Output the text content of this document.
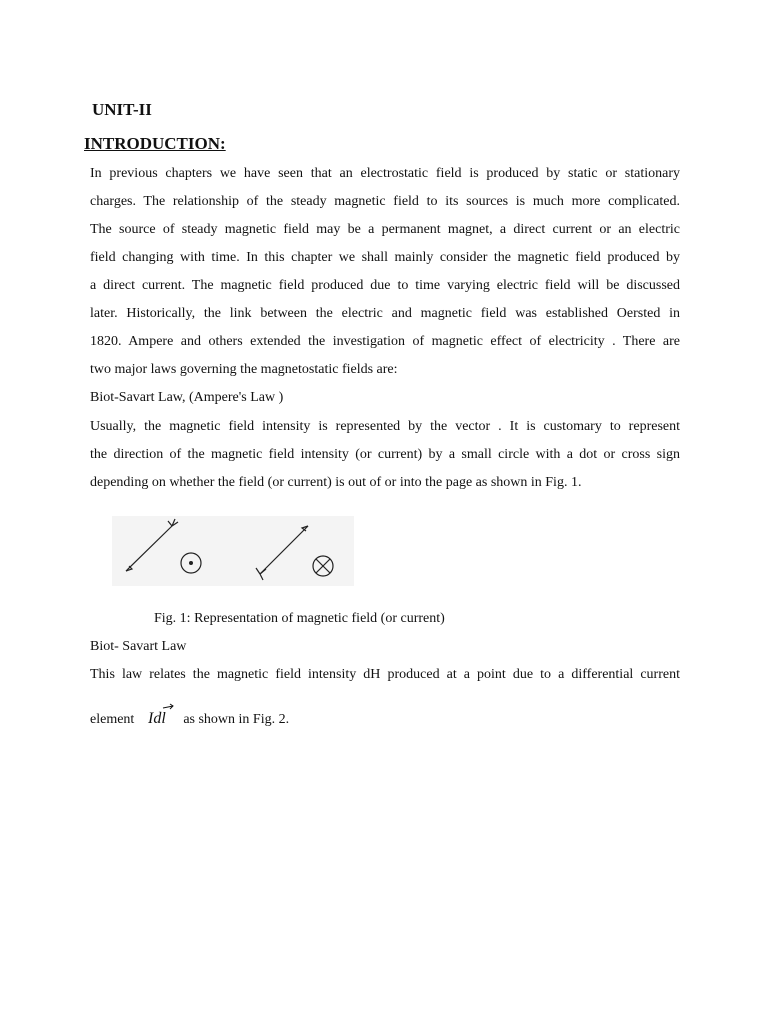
UNIT-II
INTRODUCTION:

In previous chapters we have seen that an electrostatic field is produced by static or stationary

charges. The relationship of the steady magnetic field to its sources is much more complicated.

The source of steady magnetic field may be a permanent magnet, a direct current or an electric

field changing with time. In this chapter we shall mainly consider the magnetic field produced by

a direct current. The magnetic field produced due to time varying electric field will be discussed

later. Historically, the link between the electric and magnetic field was established Oersted in

1820. Ampere and others extended the investigation of magnetic effect of electricity . There are

two major laws governing the magnetostatic fields are:

Biot-Savart Law, (Ampere's Law )

Usually, the magnetic field intensity is represented by the vector . It is customary to represent

the direction of the magnetic field intensity (or current) by a small circle with a dot or cross sign

depending on whether the field (or current) is out of or into the page as shown in Fig. 1.

Fig. 1: Representation of magnetic field (or current)

Biot- Savart Law

This law relates the magnetic field intensity dH produced at a point due to a differential current

element Idl as shown in Fig. 2.
